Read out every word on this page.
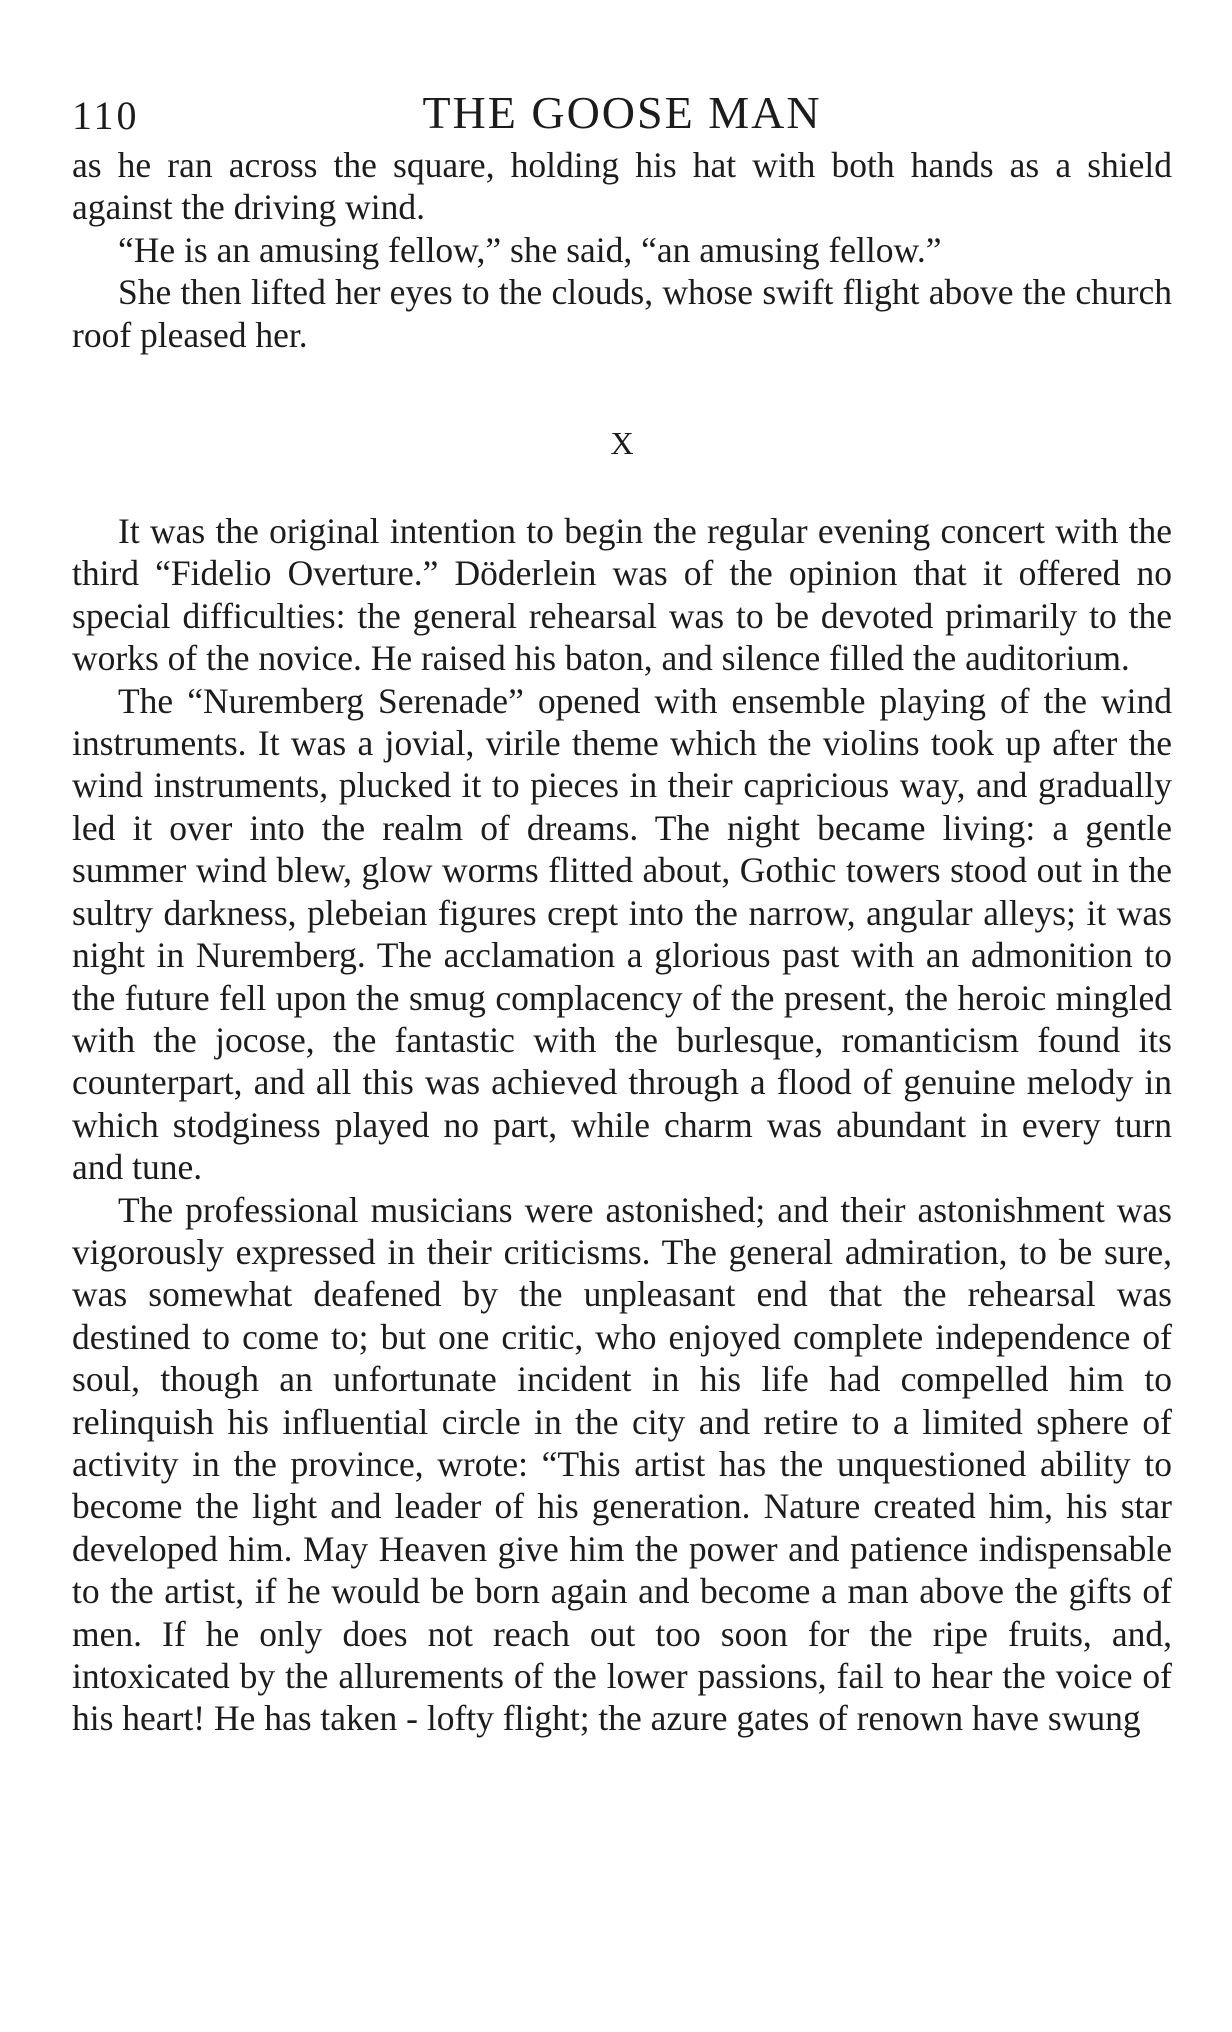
110	THE GOOSE MAN

as he ran across the square, holding his hat with both hands as a shield against the driving wind.

“He is an amusing fellow,” she said, “an amusing fellow.”

She then lifted her eyes to the clouds, whose swift flight above the church roof pleased her.

X

It was the original intention to begin the regular evening concert with the third “Fidelio Overture.” Döderlein was of the opinion that it offered no special difficulties: the general rehearsal was to be devoted primarily to the works of the novice. He raised his baton, and silence filled the auditorium.

The “Nuremberg Serenade” opened with ensemble playing of the wind instruments. It was a jovial, virile theme which the violins took up after the wind instruments, plucked it to pieces in their capricious way, and gradually led it over into the realm of dreams. The night became living: a gentle summer wind blew, glow worms flitted about, Gothic towers stood out in the sultry darkness, plebeian figures crept into the narrow, angular alleys; it was night in Nuremberg. The acclamation a glorious past with an admonition to the future fell upon the smug complacency of the present, the heroic mingled with the jocose, the fantastic with the burlesque, romanticism found its counterpart, and all this was achieved through a flood of genuine melody in which stodginess played no part, while charm was abundant in every turn and tune.

The professional musicians were astonished; and their astonishment was vigorously expressed in their criticisms. The general admiration, to be sure, was somewhat deafened by the unpleasant end that the rehearsal was destined to come to; but one critic, who enjoyed complete independence of soul, though an unfortunate incident in his life had compelled him to relinquish his influential circle in the city and retire to a limited sphere of activity in the province, wrote: “This artist has the unquestioned ability to become the light and leader of his generation. Nature created him, his star developed him. May Heaven give him the power and patience indispensable to the artist, if he would be born again and become a man above the gifts of men. If he only does not reach out too soon for the ripe fruits, and, intoxicated by the allurements of the lower passions, fail to hear the voice of his heart! He has taken - lofty flight; the azure gates of renown have swung
